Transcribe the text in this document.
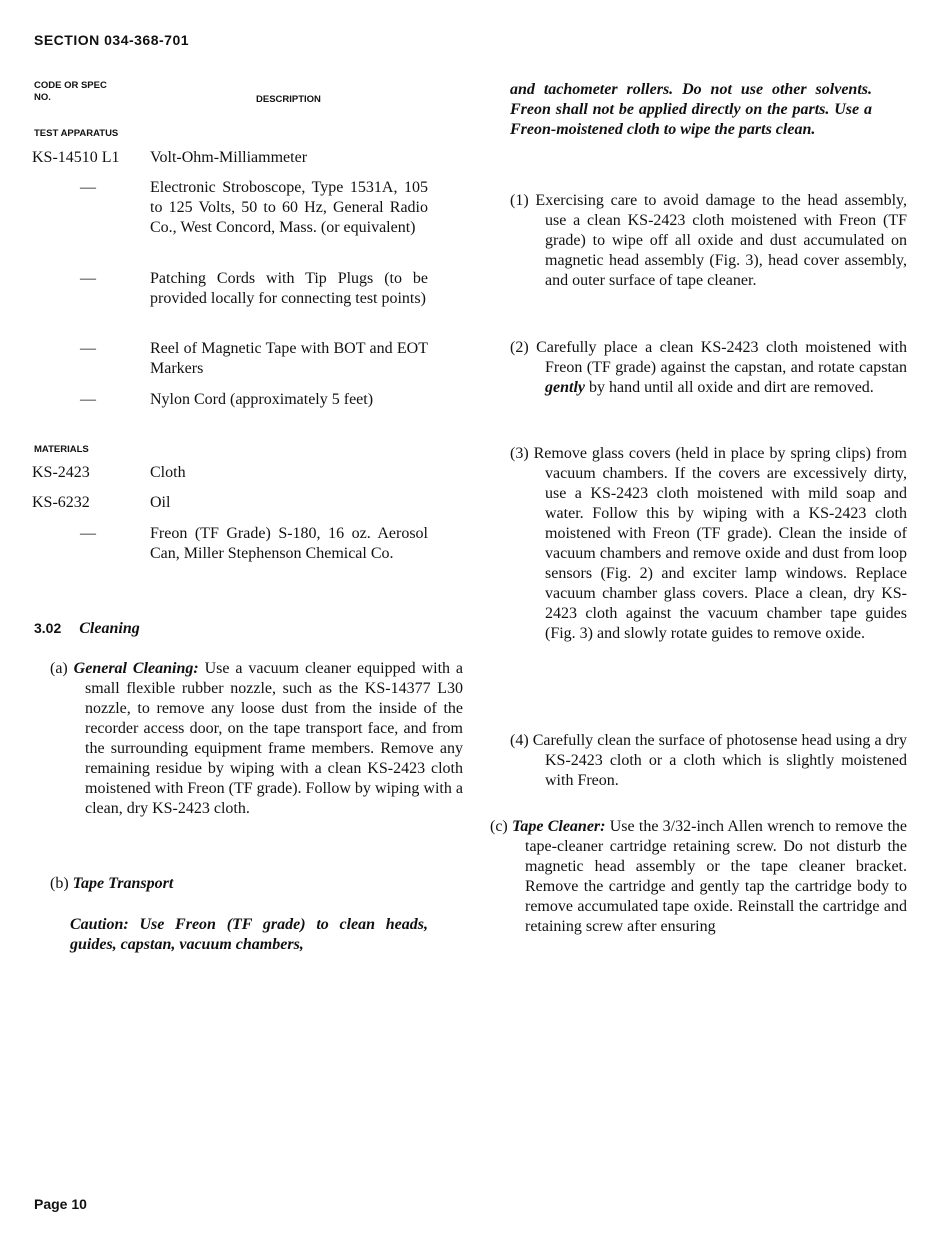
SECTION 034-368-701
CODE OR SPEC NO.	DESCRIPTION
TEST APPARATUS
KS-14510 L1	Volt-Ohm-Milliammeter
—	Electronic Stroboscope, Type 1531A, 105 to 125 Volts, 50 to 60 Hz, General Radio Co., West Concord, Mass. (or equivalent)
—	Patching Cords with Tip Plugs (to be provided locally for connecting test points)
—	Reel of Magnetic Tape with BOT and EOT Markers
—	Nylon Cord (approximately 5 feet)
MATERIALS
KS-2423	Cloth
KS-6232	Oil
—	Freon (TF Grade) S-180, 16 oz. Aerosol Can, Miller Stephenson Chemical Co.
3.02 Cleaning

(a) General Cleaning: Use a vacuum cleaner equipped with a small flexible rubber nozzle, such as the KS-14377 L30 nozzle, to remove any loose dust from the inside of the recorder access door, on the tape transport face, and from the surrounding equipment frame members. Remove any remaining residue by wiping with a clean KS-2423 cloth moistened with Freon (TF grade). Follow by wiping with a clean, dry KS-2423 cloth.

(b) Tape Transport

Caution: Use Freon (TF grade) to clean heads, guides, capstan, vacuum chambers,

and tachometer rollers. Do not use other solvents. Freon shall not be applied directly on the parts. Use a Freon-moistened cloth to wipe the parts clean.

(1) Exercising care to avoid damage to the head assembly, use a clean KS-2423 cloth moistened with Freon (TF grade) to wipe off all oxide and dust accumulated on magnetic head assembly (Fig. 3), head cover assembly, and outer surface of tape cleaner.

(2) Carefully place a clean KS-2423 cloth moistened with Freon (TF grade) against the capstan, and rotate capstan gently by hand until all oxide and dirt are removed.

(3) Remove glass covers (held in place by spring clips) from vacuum chambers. If the covers are excessively dirty, use a KS-2423 cloth moistened with mild soap and water. Follow this by wiping with a KS-2423 cloth moistened with Freon (TF grade). Clean the inside of vacuum chambers and remove oxide and dust from loop sensors (Fig. 2) and exciter lamp windows. Replace vacuum chamber glass covers. Place a clean, dry KS-2423 cloth against the vacuum chamber tape guides (Fig. 3) and slowly rotate guides to remove oxide.

(4) Carefully clean the surface of photosense head using a dry KS-2423 cloth or a cloth which is slightly moistened with Freon.

(c) Tape Cleaner: Use the 3/32-inch Allen wrench to remove the tape-cleaner cartridge retaining screw. Do not disturb the magnetic head assembly or the tape cleaner bracket. Remove the cartridge and gently tap the cartridge body to remove accumulated tape oxide. Reinstall the cartridge and retaining screw after ensuring

Page 10
